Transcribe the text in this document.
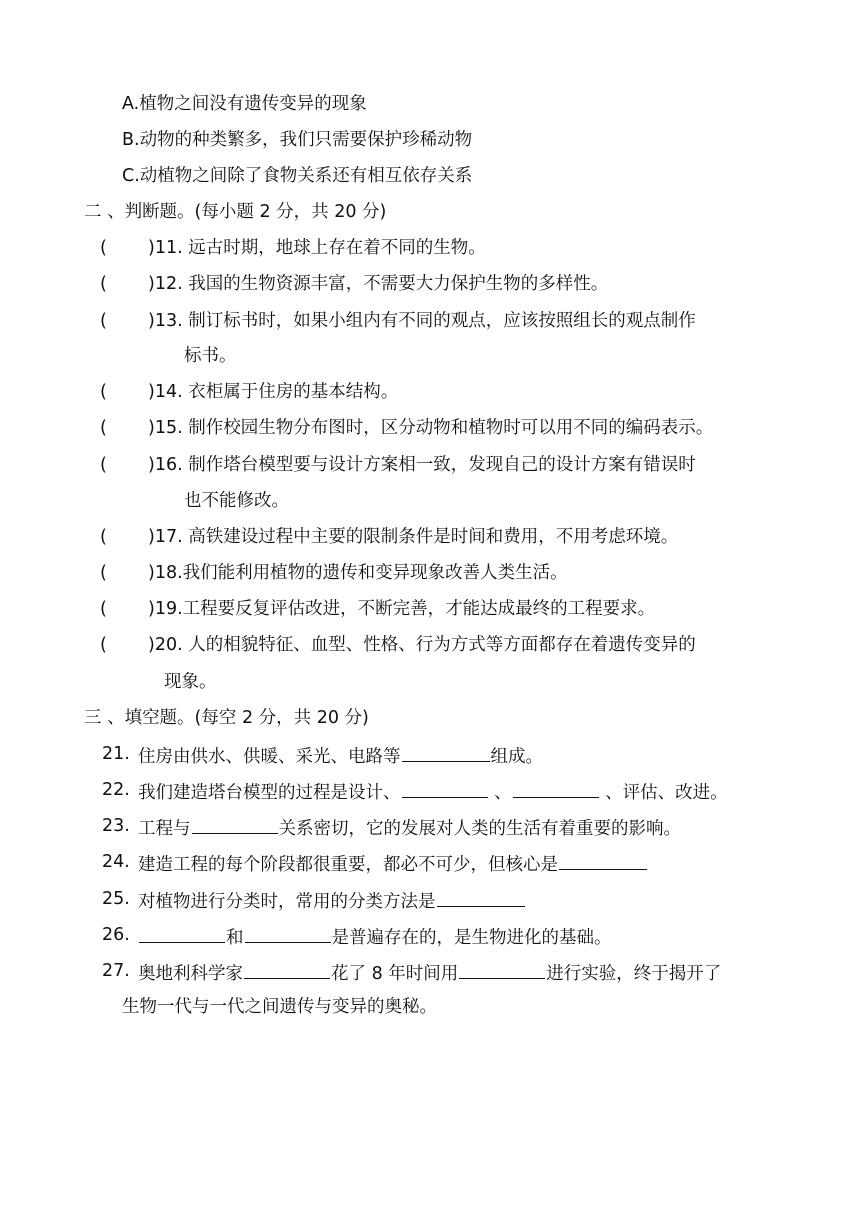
A.植物之间没有遗传变异的现象
B.动物的种类繁多，我们只需要保护珍稀动物
C.动植物之间除了食物关系还有相互依存关系
二 、判断题。(每小题 2 分，共 20 分)
( )11. 远古时期，地球上存在着不同的生物。
( )12. 我国的生物资源丰富，不需要大力保护生物的多样性。
( )13. 制订标书时，如果小组内有不同的观点，应该按照组长的观点制作
标书。
( )14. 衣柜属于住房的基本结构。
( )15. 制作校园生物分布图时，区分动物和植物时可以用不同的编码表示。
( )16. 制作塔台模型要与设计方案相一致，发现自己的设计方案有错误时
也不能修改。
( )17. 高铁建设过程中主要的限制条件是时间和费用，不用考虑环境。
( )18.我们能利用植物的遗传和变异现象改善人类生活。
( )19.工程要反复评估改进，不断完善，才能达成最终的工程要求。
( )20. 人的相貌特征、血型、性格、行为方式等方面都存在着遗传变异的
现象。
三 、填空题。(每空 2 分，共 20 分)
21. 住房由供水、供暖、采光、电路等	组成。
22. 我们建造塔台模型的过程是设计、	、	、评估、改进。
23. 工程与	关系密切，它的发展对人类的生活有着重要的影响。
24. 建造工程的每个阶段都很重要，都必不可少，但核心是
25. 对植物进行分类时，常用的分类方法是
26.	和	是普遍存在的，是生物进化的基础。
27. 奥地利科学家	花了 8 年时间用	进行实验，终于揭开了
生物一代与一代之间遗传与变异的奥秘。
